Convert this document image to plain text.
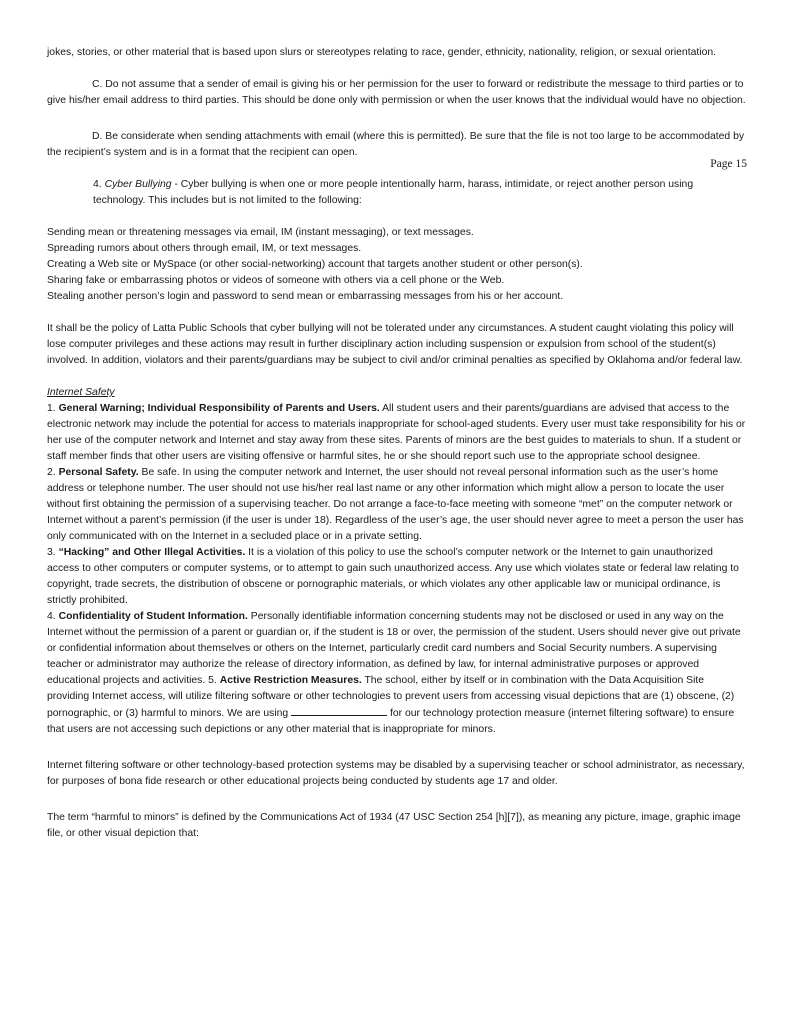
Page 15

jokes, stories, or other material that is based upon slurs or stereotypes relating to race, gender, ethnicity, nationality, religion, or sexual orientation.

C. Do not assume that a sender of email is giving his or her permission for the user to forward or redistribute the message to third parties or to give his/her email address to third parties. This should be done only with permission or when the user knows that the individual would have no objection.

D. Be considerate when sending attachments with email (where this is permitted). Be sure that the file is not too large to be accommodated by the recipient’s system and is in a format that the recipient can open.

4. Cyber Bullying - Cyber bullying is when one or more people intentionally harm, harass, intimidate, or reject another person using technology. This includes but is not limited to the following:

Sending mean or threatening messages via email, IM (instant messaging), or text messages.

Spreading rumors about others through email, IM, or text messages.

Creating a Web site or MySpace (or other social-networking) account that targets another student or other person(s).

Sharing fake or embarrassing photos or videos of someone with others via a cell phone or the Web.

Stealing another person’s login and password to send mean or embarrassing messages from his or her account.

It shall be the policy of Latta Public Schools that cyber bullying will not be tolerated under any circumstances. A student caught violating this policy will lose computer privileges and these actions may result in further disciplinary action including suspension or expulsion from school of the student(s) involved. In addition, violators and their parents/guardians may be subject to civil and/or criminal penalties as specified by Oklahoma and/or federal law.

Internet Safety

1. General Warning; Individual Responsibility of Parents and Users. All student users and their parents/guardians are advised that access to the electronic network may include the potential for access to materials inappropriate for school-aged students. Every user must take responsibility for his or her use of the computer network and Internet and stay away from these sites. Parents of minors are the best guides to materials to shun. If a student or staff member finds that other users are visiting offensive or harmful sites, he or she should report such use to the appropriate school designee.

2. Personal Safety. Be safe. In using the computer network and Internet, the user should not reveal personal information such as the user’s home address or telephone number. The user should not use his/her real last name or any other information which might allow a person to locate the user without first obtaining the permission of a supervising teacher. Do not arrange a face-to-face meeting with someone “met” on the computer network or Internet without a parent’s permission (if the user is under 18). Regardless of the user’s age, the user should never agree to meet a person the user has only communicated with on the Internet in a secluded place or in a private setting.

3. “Hacking” and Other Illegal Activities. It is a violation of this policy to use the school’s computer network or the Internet to gain unauthorized access to other computers or computer systems, or to attempt to gain such unauthorized access. Any use which violates state or federal law relating to copyright, trade secrets, the distribution of obscene or pornographic materials, or which violates any other applicable law or municipal ordinance, is strictly prohibited.

4. Confidentiality of Student Information. Personally identifiable information concerning students may not be disclosed or used in any way on the Internet without the permission of a parent or guardian or, if the student is 18 or over, the permission of the student. Users should never give out private or confidential information about themselves or others on the Internet, particularly credit card numbers and Social Security numbers. A supervising teacher or administrator may authorize the release of directory information, as defined by law, for internal administrative purposes or approved educational projects and activities. 5. Active Restriction Measures. The school, either by itself or in combination with the Data Acquisition Site providing Internet access, will utilize filtering software or other technologies to prevent users from accessing visual depictions that are (1) obscene, (2) pornographic, or (3) harmful to minors. We are using	for our technology protection measure (internet filtering software) to ensure that users are not accessing such depictions or any other material that is inappropriate for minors.

Internet filtering software or other technology-based protection systems may be disabled by a supervising teacher or school administrator, as necessary, for purposes of bona fide research or other educational projects being conducted by students age 17 and older.

The term “harmful to minors” is defined by the Communications Act of 1934 (47 USC Section 254 [h][7]), as meaning any picture, image, graphic image file, or other visual depiction that:
